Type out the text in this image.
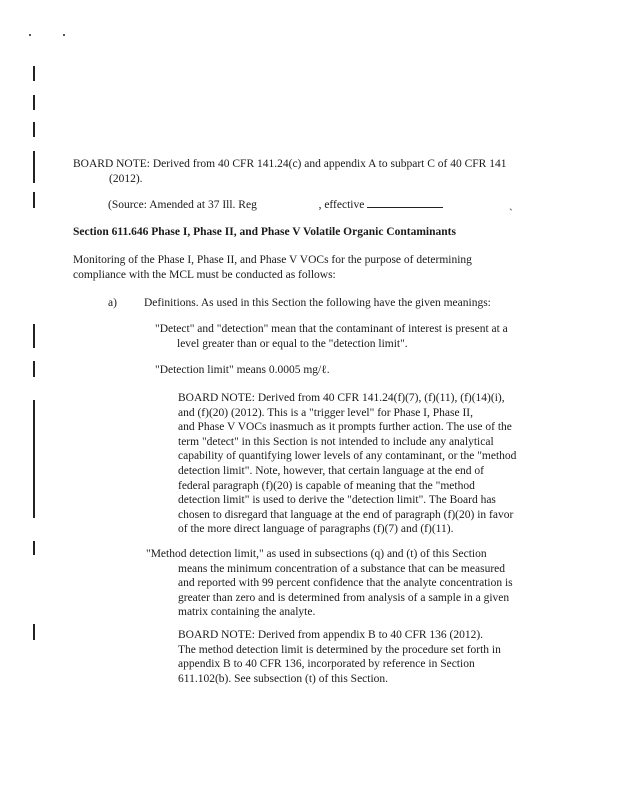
BOARD NOTE: Derived from 40 CFR 141.24(c) and appendix A to subpart C of 40 CFR 141
(2012).
(Source: Amended at 37 Ill. Reg	, effective	ˎ
Section 611.646 Phase I, Phase II, and Phase V Volatile Organic Contaminants
Monitoring of the Phase I, Phase II, and Phase V VOCs for the purpose of determining
compliance with the MCL must be conducted as follows:
a) Definitions. As used in this Section the following have the given meanings:
"Detect" and "detection" mean that the contaminant of interest is present at a
level greater than or equal to the "detection limit".
"Detection limit" means 0.0005 mg/ℓ.
BOARD NOTE: Derived from 40 CFR 141.24(f)(7), (f)(11), (f)(14)(i),
and (f)(20) (2012). This is a "trigger level" for Phase I, Phase II,
and Phase V VOCs inasmuch as it prompts further action. The use of the
term "detect" in this Section is not intended to include any analytical
capability of quantifying lower levels of any contaminant, or the "method
detection limit". Note, however, that certain language at the end of
federal paragraph (f)(20) is capable of meaning that the "method
detection limit" is used to derive the "detection limit". The Board has
chosen to disregard that language at the end of paragraph (f)(20) in favor
of the more direct language of paragraphs (f)(7) and (f)(11).
"Method detection limit," as used in subsections (q) and (t) of this Section
means the minimum concentration of a substance that can be measured
and reported with 99 percent confidence that the analyte concentration is
greater than zero and is determined from analysis of a sample in a given
matrix containing the analyte.
BOARD NOTE: Derived from appendix B to 40 CFR 136 (2012).
The method detection limit is determined by the procedure set forth in
appendix B to 40 CFR 136, incorporated by reference in Section
611.102(b). See subsection (t) of this Section.
